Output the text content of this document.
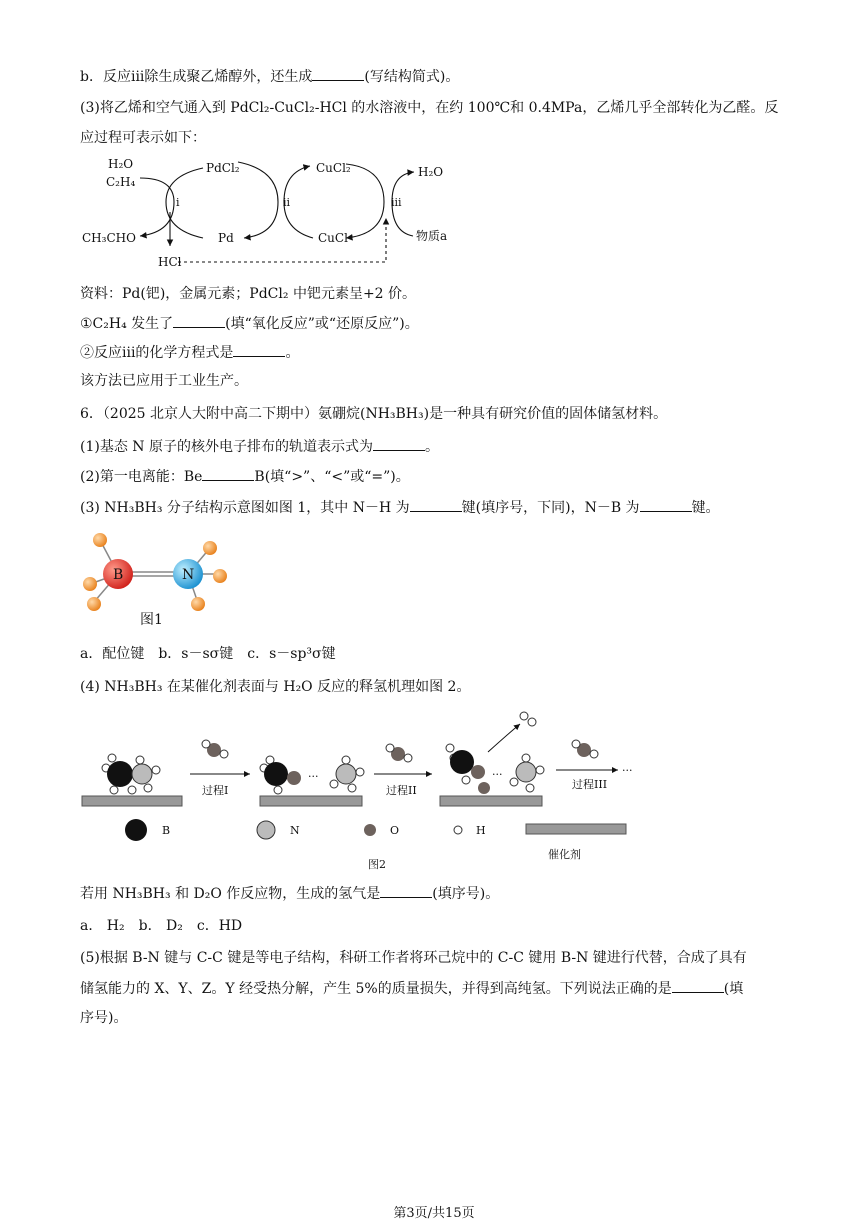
b．反应iii除生成聚乙烯醇外，还生成	(写结构简式)。
(3)将乙烯和空气通入到 PdCl₂-CuCl₂-HCl 的水溶液中，在约 100℃和 0.4MPa，乙烯几乎全部转化为乙醛。反
应过程可表示如下：
H₂O
C₂H₄
CH₃CHO
HCl
PdCl₂
Pd
CuCl₂
CuCl
H₂O
物质a
i	ii	iii
资料：Pd(钯)，金属元素；PdCl₂ 中钯元素呈+2 价。
①C₂H₄ 发生了	(填“氧化反应”或“还原反应”)。
②反应iii的化学方程式是	。
该方法已应用于工业生产。
6．（2025 北京人大附中高二下期中）氨硼烷(NH₃BH₃)是一种具有研究价值的固体储氢材料。
(1)基态 N 原子的核外电子排布的轨道表示式为	。
(2)第一电离能：Be	B(填“>”、“<”或“=”)。
(3) NH₃BH₃ 分子结构示意图如图 1，其中 N－H 为	键(填序号，下同)，N－B 为	键。
B	N
图1
a．配位键　b．s－sσ键　c．s－sp³σ键
(4) NH₃BH₃ 在某催化剂表面与 H₂O 反应的释氢机理如图 2。
过程I
···
过程II
···	···
过程III
B	N	O	H
催化剂
图2
若用 NH₃BH₃ 和 D₂O 作反应物，生成的氢气是	(填序号)。
a． H₂　b． D₂　c．HD
(5)根据 B-N 键与 C-C 键是等电子结构，科研工作者将环己烷中的 C-C 键用 B-N 键进行代替，合成了具有
储氢能力的 X、Y、Z。Y 经受热分解，产生 5%的质量损失，并得到高纯氢。下列说法正确的是	(填
序号)。
第3页/共15页
